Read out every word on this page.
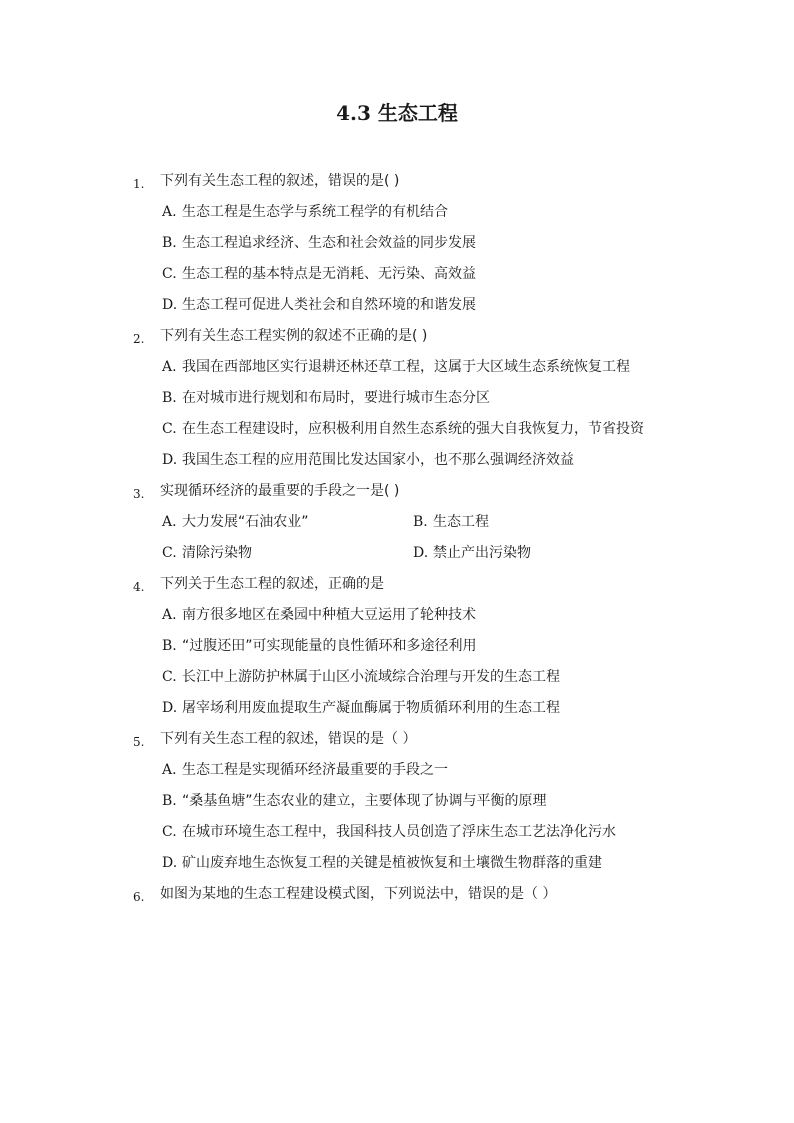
4.3 生态工程
1. 下列有关生态工程的叙述，错误的是( )
A. 生态工程是生态学与系统工程学的有机结合
B. 生态工程追求经济、生态和社会效益的同步发展
C. 生态工程的基本特点是无消耗、无污染、高效益
D. 生态工程可促进人类社会和自然环境的和谐发展
2. 下列有关生态工程实例的叙述不正确的是( )
A. 我国在西部地区实行退耕还林还草工程，这属于大区域生态系统恢复工程
B. 在对城市进行规划和布局时，要进行城市生态分区
C. 在生态工程建设时，应积极利用自然生态系统的强大自我恢复力，节省投资
D. 我国生态工程的应用范围比发达国家小，也不那么强调经济效益
3. 实现循环经济的最重要的手段之一是( )
A. 大力发展“石油农业”	B. 生态工程
C. 清除污染物	D. 禁止产出污染物
4. 下列关于生态工程的叙述，正确的是
A. 南方很多地区在桑园中种植大豆运用了轮种技术
B. “过腹还田”可实现能量的良性循环和多途径利用
C. 长江中上游防护林属于山区小流域综合治理与开发的生态工程
D. 屠宰场利用废血提取生产凝血酶属于物质循环利用的生态工程
5. 下列有关生态工程的叙述，错误的是（ ）
A. 生态工程是实现循环经济最重要的手段之一
B. “桑基鱼塘”生态农业的建立，主要体现了协调与平衡的原理
C. 在城市环境生态工程中，我国科技人员创造了浮床生态工艺法净化污水
D. 矿山废弃地生态恢复工程的关键是植被恢复和土壤微生物群落的重建
6. 如图为某地的生态工程建设模式图，下列说法中，错误的是（ ）
